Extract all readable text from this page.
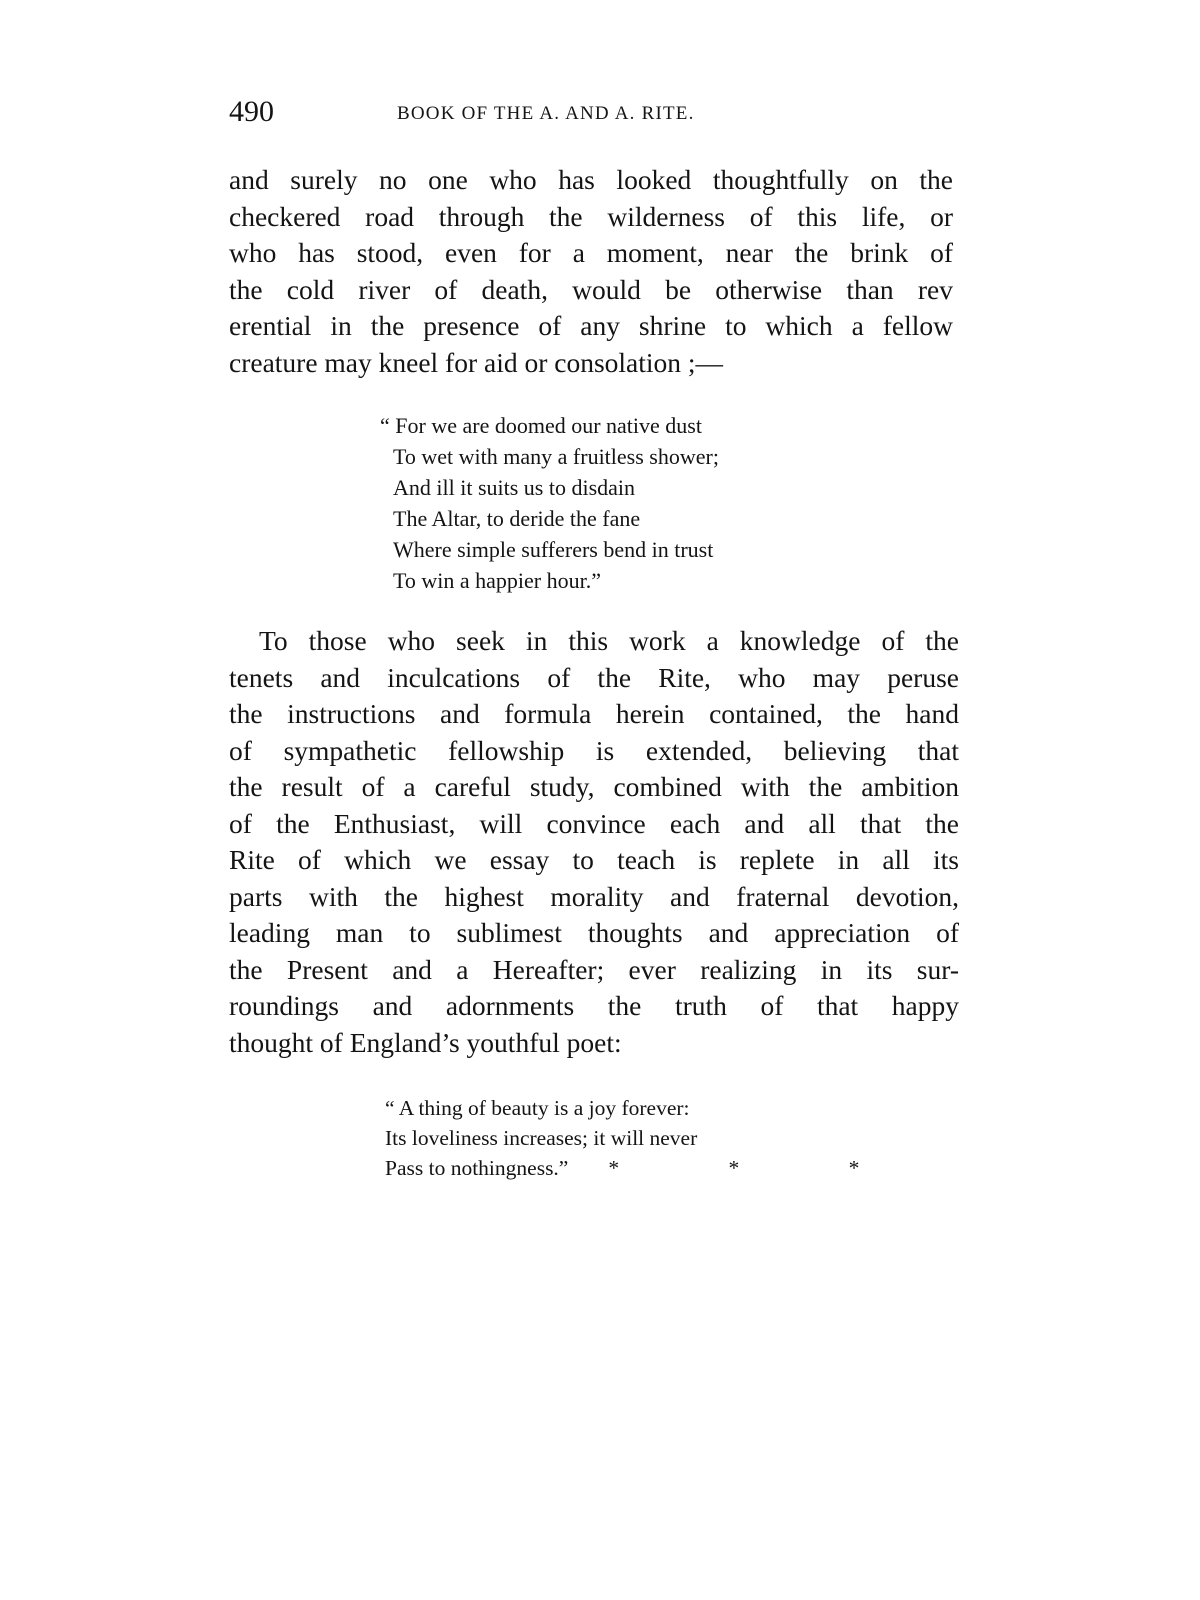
490	BOOK OF THE A. AND A. RITE.
and surely no one who has looked thoughtfully on the
checkered road through the wilderness of this life, or
who has stood, even for a moment, near the brink of
the cold river of death, would be otherwise than rev
erential in the presence of any shrine to which a fellow
creature may kneel for aid or consolation ;—
“ For we are doomed our native dust
To wet with many a fruitless shower;
And ill it suits us to disdain
The Altar, to deride the fane
Where simple sufferers bend in trust
To win a happier hour.”
To those who seek in this work a knowledge of the
tenets and inculcations of the Rite, who may peruse
the instructions and formula herein contained, the hand
of sympathetic fellowship is extended, believing that
the result of a careful study, combined with the ambition
of the Enthusiast, will convince each and all that the
Rite of which we essay to teach is replete in all its
parts with the highest morality and fraternal devotion,
leading man to sublimest thoughts and appreciation of
the Present and a Hereafter; ever realizing in its sur-
roundings and adornments the truth of that happy
thought of England’s youthful poet:
“ A thing of beauty is a joy forever:
Its loveliness increases; it will never
Pass to nothingness.” * * *
